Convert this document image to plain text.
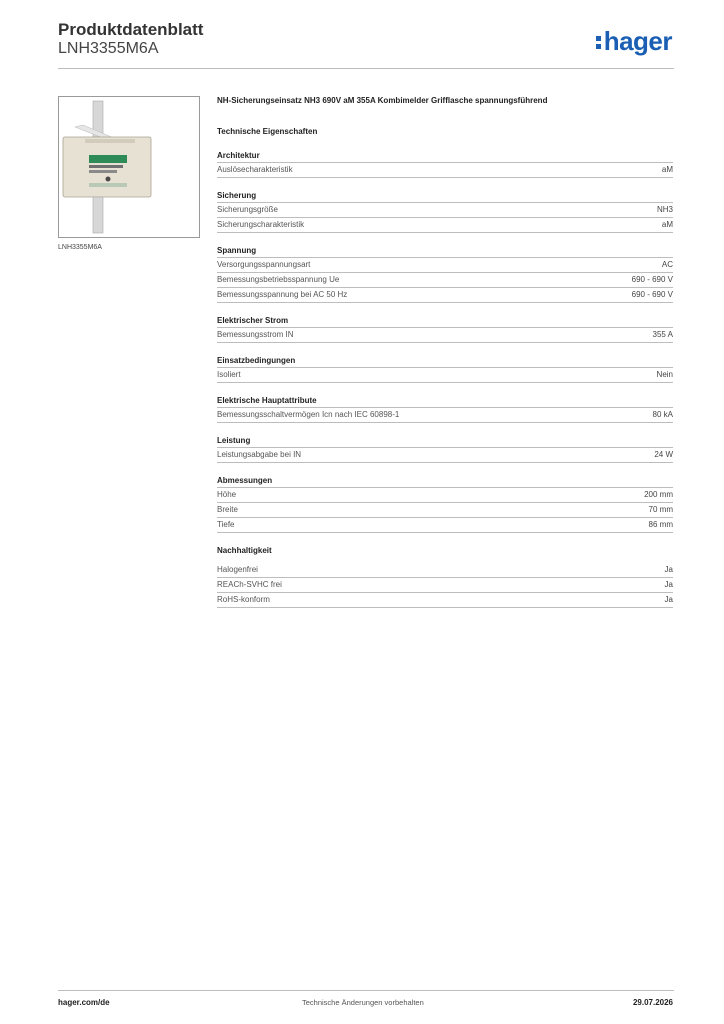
Produktdatenblatt
LNH3355M6A	hager
LNH3355M6A
NH-Sicherungseinsatz NH3 690V aM 355A Kombimelder Grifflasche spannungsführend
Technische Eigenschaften
Architektur
Auslösecharakteristik	aM
Sicherung
Sicherungsgröße	NH3
Sicherungscharakteristik	aM
Spannung
Versorgungsspannungsart	AC
Bemessungsbetriebsspannung Ue	690 - 690 V
Bemessungsspannung bei AC 50 Hz	690 - 690 V
Elektrischer Strom
Bemessungsstrom IN	355 A
Einsatzbedingungen
Isoliert	Nein
Elektrische Hauptattribute
Bemessungsschaltvermögen Icn nach IEC 60898-1	80 kA
Leistung
Leistungsabgabe bei IN	24 W
Abmessungen
Höhe	200 mm
Breite	70 mm
Tiefe	86 mm
Nachhaltigkeit
Halogenfrei	Ja
REACh-SVHC frei	Ja
RoHS-konform	Ja
hager.com/de	Technische Änderungen vorbehalten	29.07.2026
